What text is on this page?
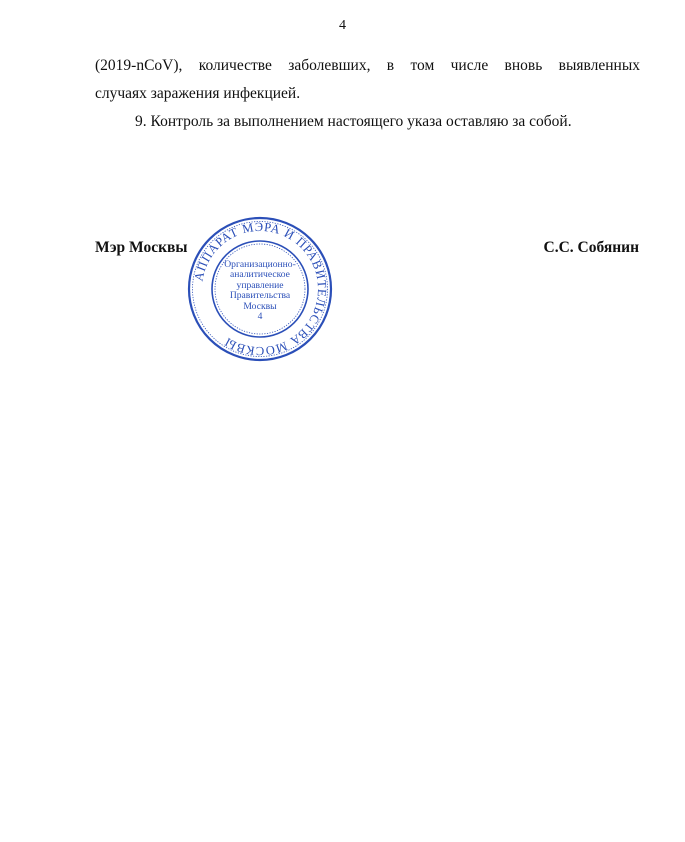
4
(2019-nCoV), количестве заболевших, в том числе вновь выявленных
случаях заражения инфекцией.
9. Контроль за выполнением настоящего указа оставляю за собой.
Мэр Москвы
АППАРАТ МЭРА И ПРАВИТЕЛЬСТВА МОСКВЫ
Организационно-
аналитическое
управление
Правительства
Москвы
4
С.С. Собянин
